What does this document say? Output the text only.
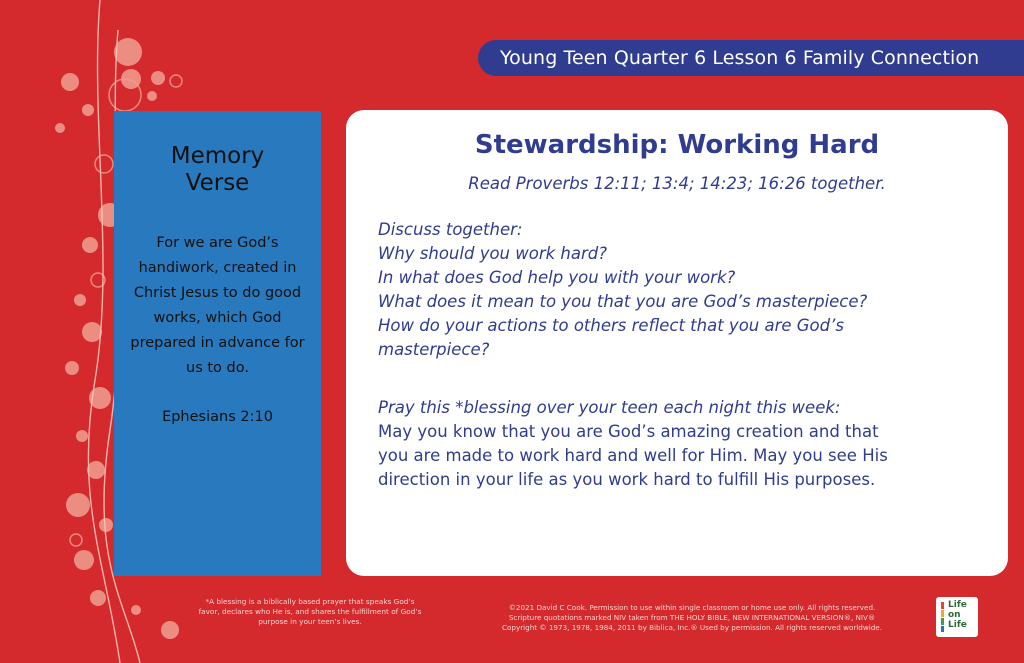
Young Teen Quarter 6 Lesson 6 Family Connection
Memory
Verse
For we are God’s handiwork, created in Christ Jesus to do good works, which God prepared in advance for us to do.
Ephesians 2:10
Stewardship: Working Hard
Read Proverbs 12:11; 13:4; 14:23; 16:26 together.
Discuss together:
Why should you work hard?
In what does God help you with your work?
What does it mean to you that you are God’s masterpiece?
How do your actions to others reflect that you are God’s
masterpiece?
Pray this *blessing over your teen each night this week:
May you know that you are God’s amazing creation and that
you are made to work hard and well for Him. May you see His
direction in your life as you work hard to fulfill His purposes.
*A blessing is a biblically based prayer that speaks God’s favor, declares who He is, and shares the fulfillment of God’s purpose in your teen’s lives.
©2021 David C Cook. Permission to use within single classroom or home use only. All rights reserved.
Scripture quotations marked NIV taken from THE HOLY BIBLE, NEW INTERNATIONAL VERSION®, NIV®
Copyright © 1973, 1978, 1984, 2011 by Biblica, Inc.® Used by permission. All rights reserved worldwide.
Life
on
Life
